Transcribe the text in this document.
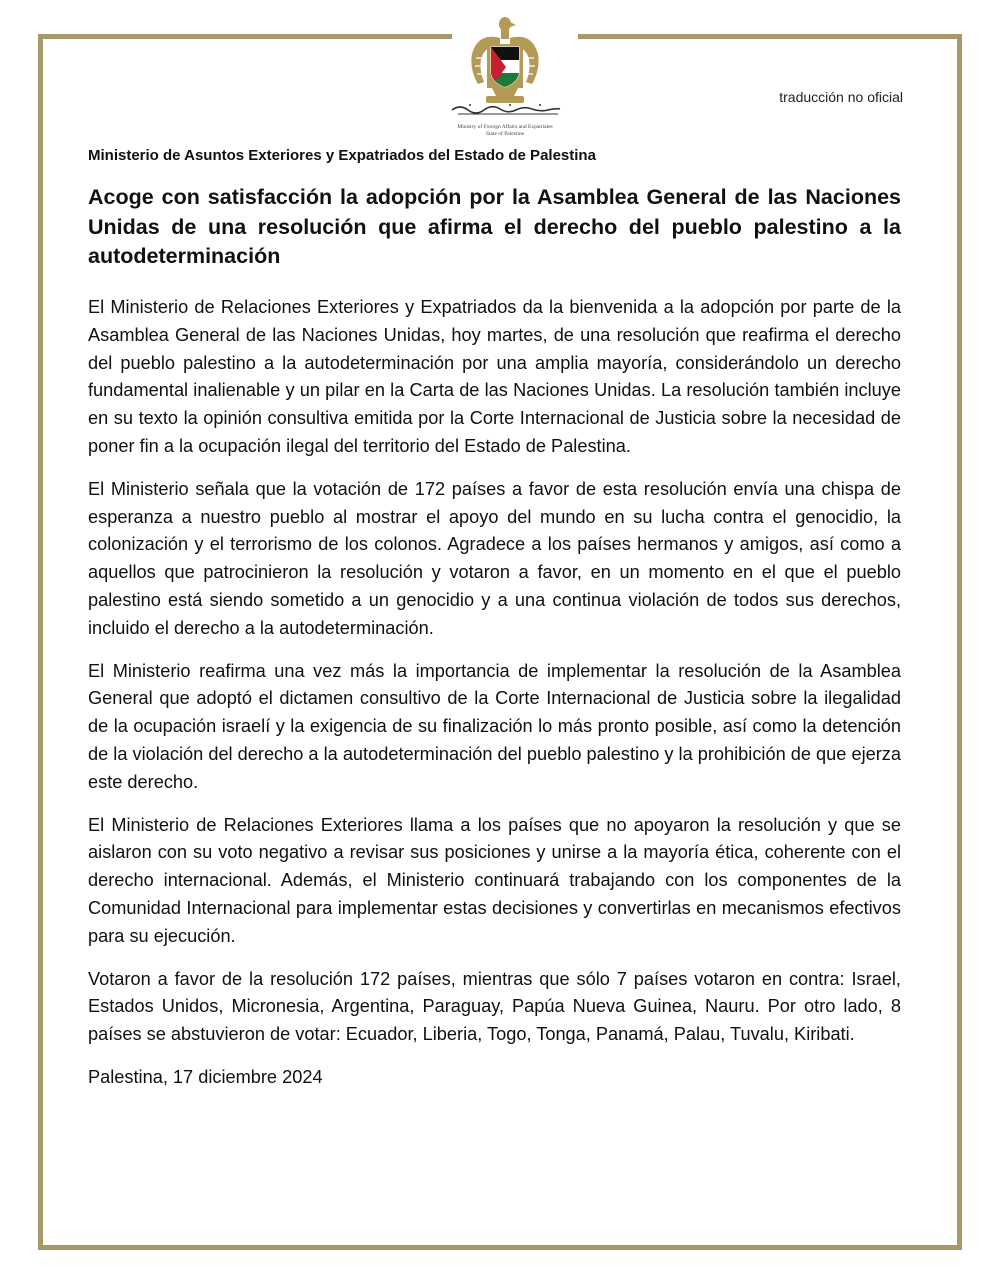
Ministry of Foreign Affairs and Expatriates
State of Palestine
traducción no oficial
Ministerio de Asuntos Exteriores y Expatriados del Estado de Palestina
Acoge con satisfacción la adopción por la Asamblea General de las Naciones Unidas de una resolución que afirma el derecho del pueblo palestino a la autodeterminación

El Ministerio de Relaciones Exteriores y Expatriados da la bienvenida a la adopción por parte de la Asamblea General de las Naciones Unidas, hoy martes, de una resolución que reafirma el derecho del pueblo palestino a la autodeterminación por una amplia mayoría, considerándolo un derecho fundamental inalienable y un pilar en la Carta de las Naciones Unidas. La resolución también incluye en su texto la opinión consultiva emitida por la Corte Internacional de Justicia sobre la necesidad de poner fin a la ocupación ilegal del territorio del Estado de Palestina.

El Ministerio señala que la votación de 172 países a favor de esta resolución envía una chispa de esperanza a nuestro pueblo al mostrar el apoyo del mundo en su lucha contra el genocidio, la colonización y el terrorismo de los colonos. Agradece a los países hermanos y amigos, así como a aquellos que patrocinieron la resolución y votaron a favor, en un momento en el que el pueblo palestino está siendo sometido a un genocidio y a una continua violación de todos sus derechos, incluido el derecho a la autodeterminación.

El Ministerio reafirma una vez más la importancia de implementar la resolución de la Asamblea General que adoptó el dictamen consultivo de la Corte Internacional de Justicia sobre la ilegalidad de la ocupación israelí y la exigencia de su finalización lo más pronto posible, así como la detención de la violación del derecho a la autodeterminación del pueblo palestino y la prohibición de que ejerza este derecho.

El Ministerio de Relaciones Exteriores llama a los países que no apoyaron la resolución y que se aislaron con su voto negativo a revisar sus posiciones y unirse a la mayoría ética, coherente con el derecho internacional. Además, el Ministerio continuará trabajando con los componentes de la Comunidad Internacional para implementar estas decisiones y convertirlas en mecanismos efectivos para su ejecución.

Votaron a favor de la resolución 172 países, mientras que sólo 7 países votaron en contra: Israel, Estados Unidos, Micronesia, Argentina, Paraguay, Papúa Nueva Guinea, Nauru. Por otro lado, 8 países se abstuvieron de votar: Ecuador, Liberia, Togo, Tonga, Panamá, Palau, Tuvalu, Kiribati.

Palestina, 17 diciembre 2024
